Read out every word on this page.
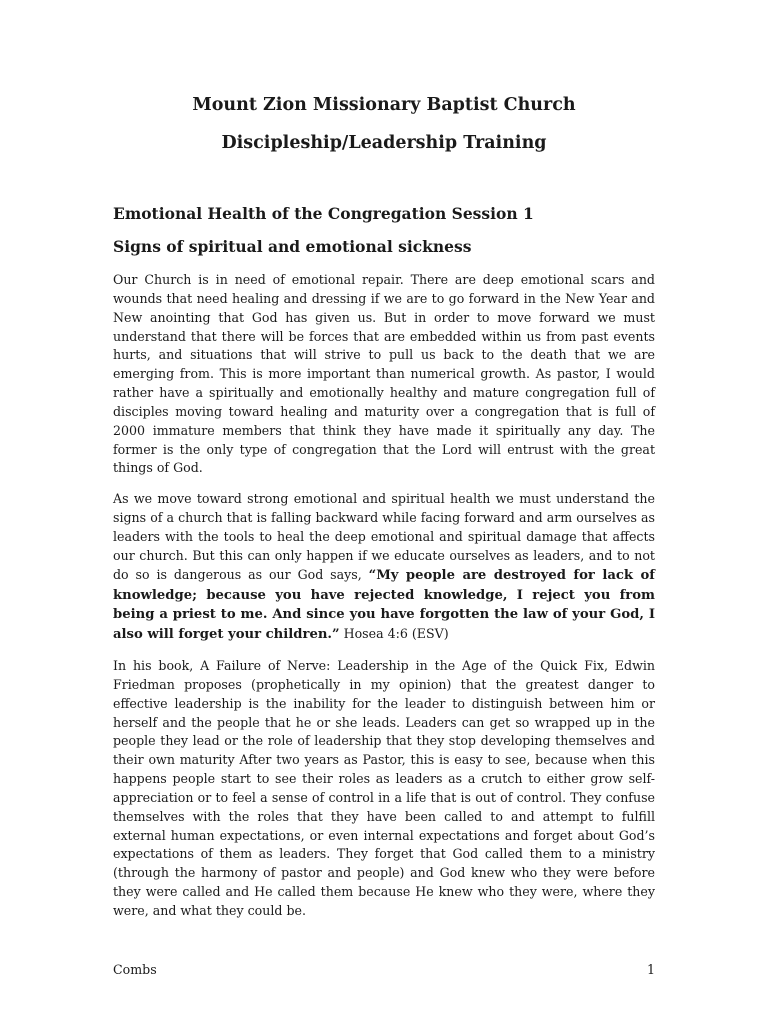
Mount Zion Missionary Baptist Church
Discipleship/Leadership Training
Emotional Health of the Congregation Session 1
Signs of spiritual and emotional sickness

Our Church is in need of emotional repair. There are deep emotional scars and wounds that need healing and dressing if we are to go forward in the New Year and New anointing that God has given us. But in order to move forward we must understand that there will be forces that are embedded within us from past events hurts, and situations that will strive to pull us back to the death that we are emerging from. This is more important than numerical growth. As pastor, I would rather have a spiritually and emotionally healthy and mature congregation full of disciples moving toward healing and maturity over a congregation that is full of 2000 immature members that think they have made it spiritually any day. The former is the only type of congregation that the Lord will entrust with the great things of God.

As we move toward strong emotional and spiritual health we must understand the signs of a church that is falling backward while facing forward and arm ourselves as leaders with the tools to heal the deep emotional and spiritual damage that affects our church. But this can only happen if we educate ourselves as leaders, and to not do so is dangerous as our God says, “My people are destroyed for lack of knowledge; because you have rejected knowledge, I reject you from being a priest to me. And since you have forgotten the law of your God, I also will forget your children.” Hosea 4:6 (ESV)

In his book, A Failure of Nerve: Leadership in the Age of the Quick Fix, Edwin Friedman proposes (prophetically in my opinion) that the greatest danger to effective leadership is the inability for the leader to distinguish between him or herself and the people that he or she leads. Leaders can get so wrapped up in the people they lead or the role of leadership that they stop developing themselves and their own maturity After two years as Pastor, this is easy to see, because when this happens people start to see their roles as leaders as a crutch to either grow self-appreciation or to feel a sense of control in a life that is out of control. They confuse themselves with the roles that they have been called to and attempt to fulfill external human expectations, or even internal expectations and forget about God’s expectations of them as leaders. They forget that God called them to a ministry (through the harmony of pastor and people) and God knew who they were before they were called and He called them because He knew who they were, where they were, and what they could be.

Combs	1
